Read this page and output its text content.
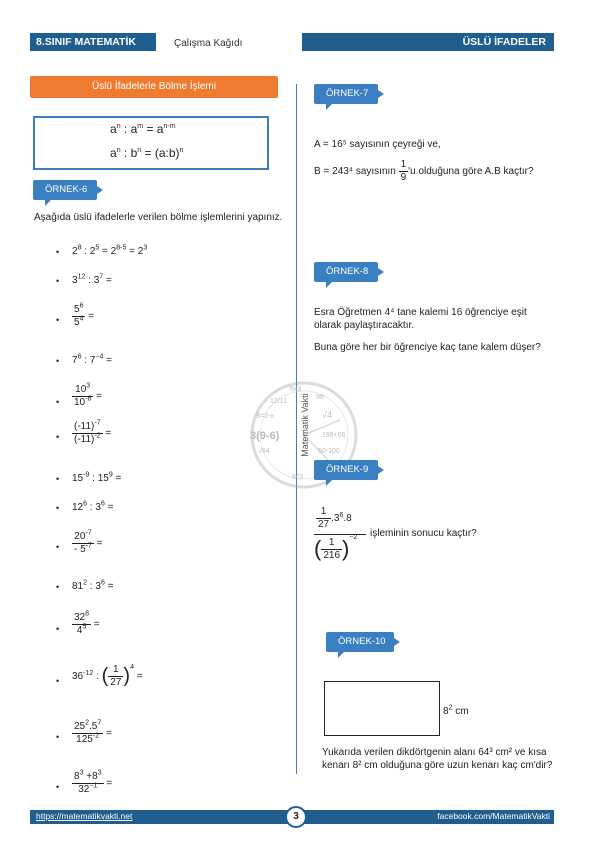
8.SINIF MATEMATİK	Çalışma Kağıdı	ÜSLÜ İFADELER
Üslü İfadelerle Bölme İşlemi
$a^n$ : $a^m = a^{n-m}$
$a^n$ : $b^n$ = (a:b)$^n$
ÖRNEK-6
Aşağıda üslü ifadelerle verilen bölme işlemlerini yapınız.
• $2^8$ : $2^5 = 2^{8-5} = 2^3$
• $3^{12}$ : $3^7$ =
• $\frac{5^6}{5^4}$ =
• $7^6$ : $7^{-4}$ =
• $\frac{10^3}{10^{-8}}$ =
• $\frac{(-11)^{-7}}{(-11)^{-2}}$ =
• $15^{-9}$ : $15^9$ =
• $12^6$ : $3^6$ =
• $\frac{20^{-7}}{- 5^{-7}}$ =
• $81^2$ : $3^6$ =
• $\frac{32^8}{4^5}$ =
• $36^{-12}$ : ( $\frac{1}{27} )^4$ =
• $\frac{25^2.5^7}{125^{-2}}$ =
• $\frac{8^3 +8^3}{32^{-1}}$ =
3(9-6)
6x3
12/11
-8=2-x	√4
198+66
√64	50-100
8^2
99
Matematik Vakti
ÖRNEK-7
A = 16⁵ sayısının çeyreği ve,
B = 243⁴ sayısının $\frac{1}{9}$ 'u olduğuna göre A.B kaçtır?
ÖRNEK-8
Esra Öğretmen 4⁴ tane kalemi 16 öğrenciye eşit olarak paylaştıracaktır.
Buna göre her bir öğrenciye kaç tane kalem düşer?
ÖRNEK-9
$\frac{1}{27} .3^6.8$
( $\frac{1}{216} )^{-2}$ işleminin sonucu kaçtır?
ÖRNEK-10
$8^2$ cm
Yukarıda verilen dikdörtgenin alanı 64³ cm² ve kısa kenarı 8² cm olduğuna göre uzun kenarı kaç cm'dir?
https://matematikvakti.net	3	facebook.com/MatematikVakti
